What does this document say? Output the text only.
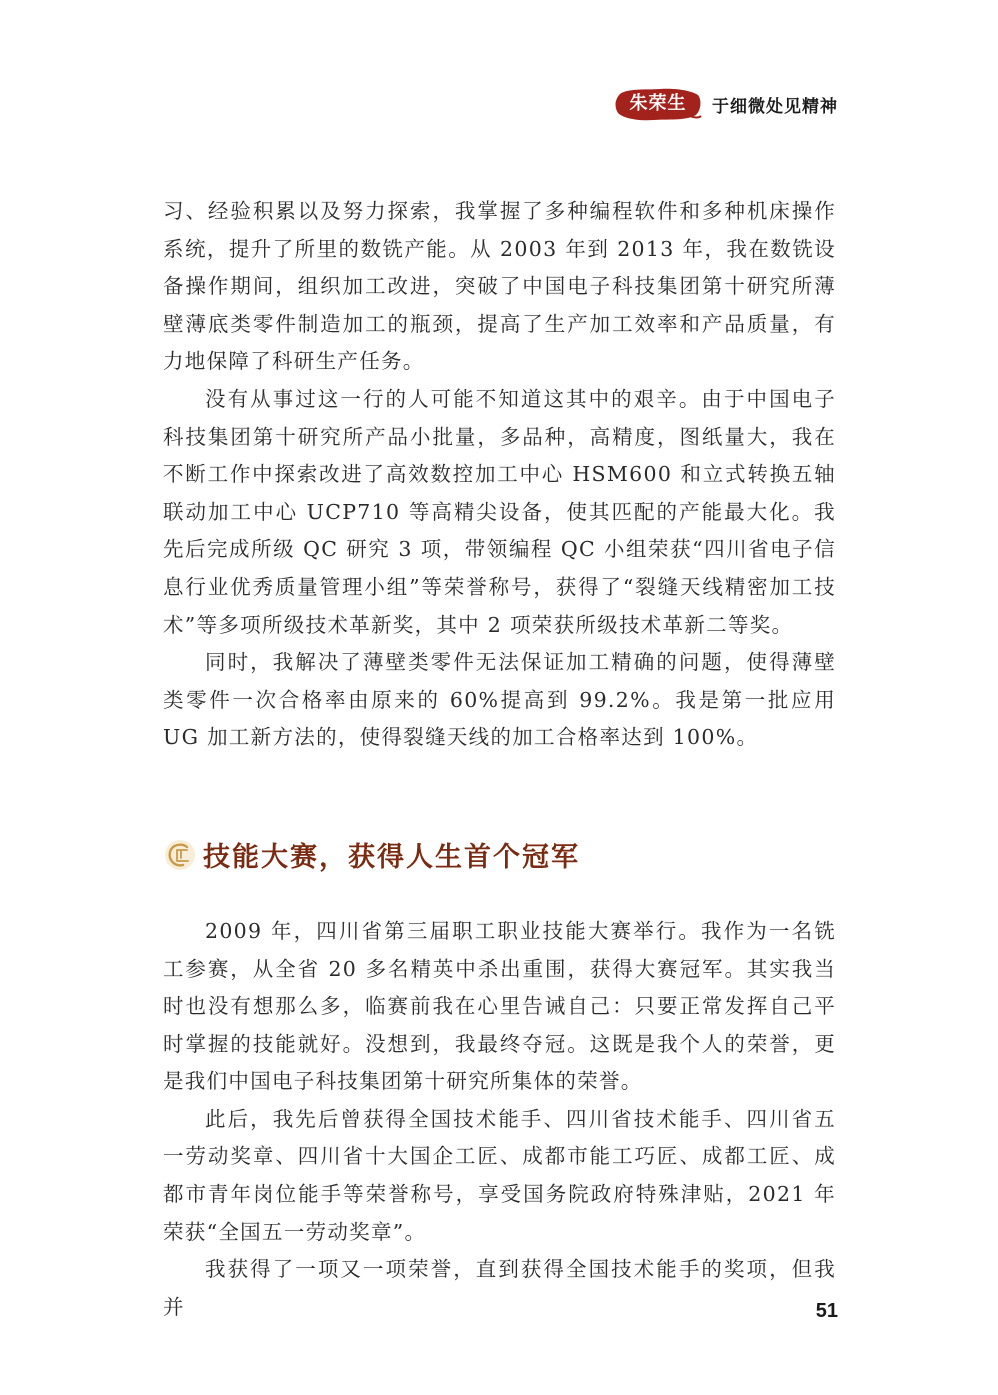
朱荣生	于细微处见精神

习、经验积累以及努力探索，我掌握了多种编程软件和多种机床操作系统，提升了所里的数铣产能。从 2003 年到 2013 年，我在数铣设备操作期间，组织加工改进，突破了中国电子科技集团第十研究所薄壁薄底类零件制造加工的瓶颈，提高了生产加工效率和产品质量，有力地保障了科研生产任务。

没有从事过这一行的人可能不知道这其中的艰辛。由于中国电子科技集团第十研究所产品小批量，多品种，高精度，图纸量大，我在不断工作中探索改进了高效数控加工中心 HSM600 和立式转换五轴联动加工中心 UCP710 等高精尖设备，使其匹配的产能最大化。我先后完成所级 QC 研究 3 项，带领编程 QC 小组荣获“四川省电子信息行业优秀质量管理小组”等荣誉称号，获得了“裂缝天线精密加工技术”等多项所级技术革新奖，其中 2 项荣获所级技术革新二等奖。

同时，我解决了薄壁类零件无法保证加工精确的问题，使得薄壁类零件一次合格率由原来的 60%提高到 99.2%。我是第一批应用 UG 加工新方法的，使得裂缝天线的加工合格率达到 100%。

技能大赛，获得人生首个冠军

2009 年，四川省第三届职工职业技能大赛举行。我作为一名铣工参赛，从全省 20 多名精英中杀出重围，获得大赛冠军。其实我当时也没有想那么多，临赛前我在心里告诫自己：只要正常发挥自己平时掌握的技能就好。没想到，我最终夺冠。这既是我个人的荣誉，更是我们中国电子科技集团第十研究所集体的荣誉。

此后，我先后曾获得全国技术能手、四川省技术能手、四川省五一劳动奖章、四川省十大国企工匠、成都市能工巧匠、成都工匠、成都市青年岗位能手等荣誉称号，享受国务院政府特殊津贴，2021 年荣获“全国五一劳动奖章”。

我获得了一项又一项荣誉，直到获得全国技术能手的奖项，但我并	51
